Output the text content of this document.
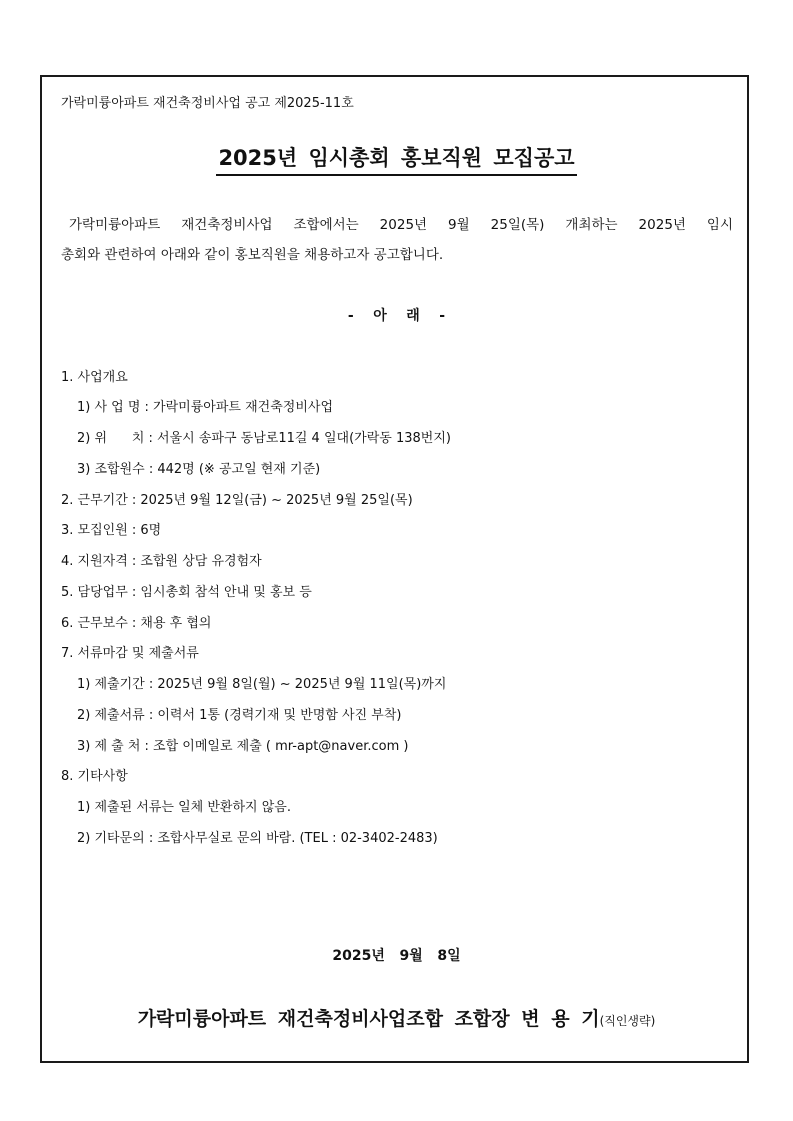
가락미륭아파트 재건축정비사업 공고 제2025-11호
2025년 임시총회 홍보직원 모집공고
가락미륭아파트 재건축정비사업 조합에서는 2025년 9월 25일(목) 개최하는 2025년 임시
총회와 관련하여 아래와 같이 홍보직원을 채용하고자 공고합니다.
-    아    래    -
1. 사업개요
1) 사 업 명 : 가락미륭아파트 재건축정비사업
2) 위      치 : 서울시 송파구 동남로11길 4 일대(가락동 138번지)
3) 조합원수 : 442명 (※ 공고일 현재 기준)
2. 근무기간 : 2025년 9월 12일(금) ~ 2025년 9월 25일(목)
3. 모집인원 : 6명
4. 지원자격 : 조합원 상담 유경험자
5. 담당업무 : 임시총회 참석 안내 및 홍보 등
6. 근무보수 : 채용 후 협의
7. 서류마감 및 제출서류
1) 제출기간 : 2025년 9월 8일(월) ~ 2025년 9월 11일(목)까지
2) 제출서류 : 이력서 1통 (경력기재 및 반명함 사진 부착)
3) 제 출 처 : 조합 이메일로 제출 ( mr-apt@naver.com )
8. 기타사항
1) 제출된 서류는 일체 반환하지 않음.
2) 기타문의 : 조합사무실로 문의 바람. (TEL : 02-3402-2483)
2025년   9월   8일
가락미륭아파트 재건축정비사업조합 조합장 변 용 기(직인생략)
